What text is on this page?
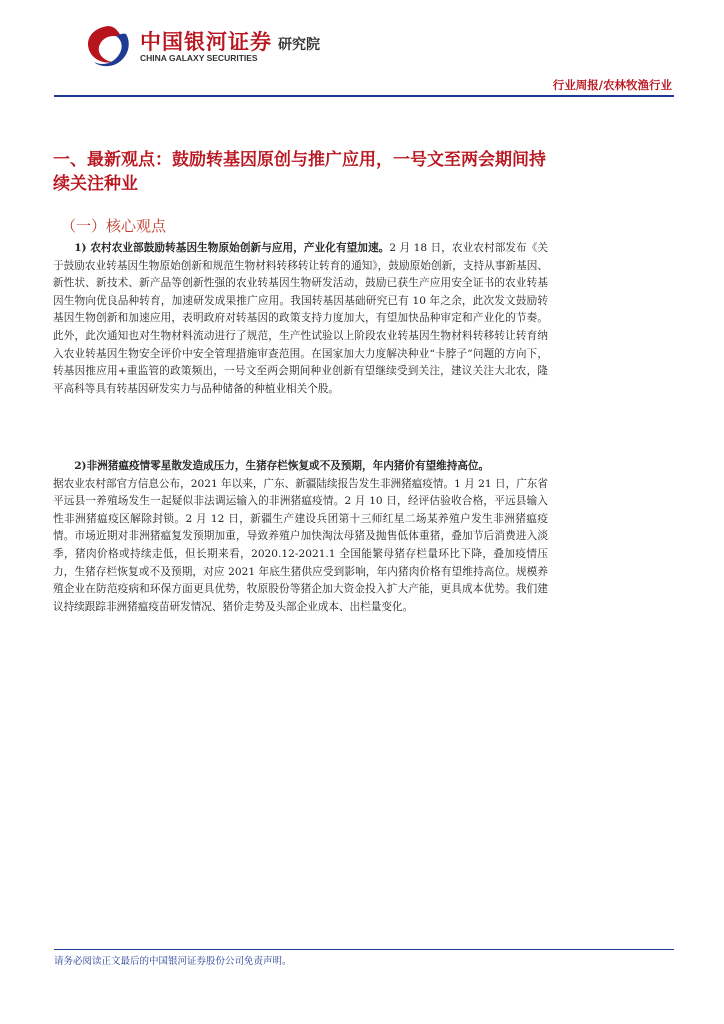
中国银河证券
CHINA GALAXY SECURITIES
研究院
行业周报/农林牧渔行业
一、最新观点：鼓励转基因原创与推广应用，一号文至两会期间持续关注种业
（一）核心观点

1) 农村农业部鼓励转基因生物原始创新与应用，产业化有望加速。2 月 18 日，农业农村部发布《关于鼓励农业转基因生物原始创新和规范生物材料转移转让转育的通知》，鼓励原始创新，支持从事新基因、新性状、新技术、新产品等创新性强的农业转基因生物研发活动，鼓励已获生产应用安全证书的农业转基因生物向优良品种转育，加速研发成果推广应用。我国转基因基础研究已有 10 年之余，此次发文鼓励转基因生物创新和加速应用，表明政府对转基因的政策支持力度加大，有望加快品种审定和产业化的节奏。此外，此次通知也对生物材料流动进行了规范，生产性试验以上阶段农业转基因生物材料转移转让转育纳入农业转基因生物安全评价中安全管理措施审查范围。在国家加大力度解决种业“卡脖子”问题的方向下，转基因推应用+重监管的政策频出，一号文至两会期间种业创新有望继续受到关注，建议关注大北农，隆平高科等具有转基因研发实力与品种储备的种植业相关个股。

2)非洲猪瘟疫情零星散发造成压力，生猪存栏恢复或不及预期，年内猪价有望维持高位。

据农业农村部官方信息公布，2021 年以来，广东、新疆陆续报告发生非洲猪瘟疫情。1 月 21 日，广东省平远县一养殖场发生一起疑似非法调运输入的非洲猪瘟疫情。2 月 10 日，经评估验收合格，平远县输入性非洲猪瘟疫区解除封锁。2 月 12 日，新疆生产建设兵团第十三师红星二场某养殖户发生非洲猪瘟疫情。市场近期对非洲猪瘟复发预期加重，导致养殖户加快淘汰母猪及抛售低体重猪，叠加节后消费进入淡季，猪肉价格或持续走低，但长期来看，2020.12-2021.1 全国能繁母猪存栏量环比下降，叠加疫情压力，生猪存栏恢复或不及预期，对应 2021 年底生猪供应受到影响，年内猪肉价格有望维持高位。规模养殖企业在防范疫病和环保方面更具优势，牧原股份等猪企加大资金投入扩大产能，更具成本优势。我们建议持续跟踪非洲猪瘟疫苗研发情况、猪价走势及头部企业成本、出栏量变化。

请务必阅读正文最后的中国银河证券股份公司免责声明。
